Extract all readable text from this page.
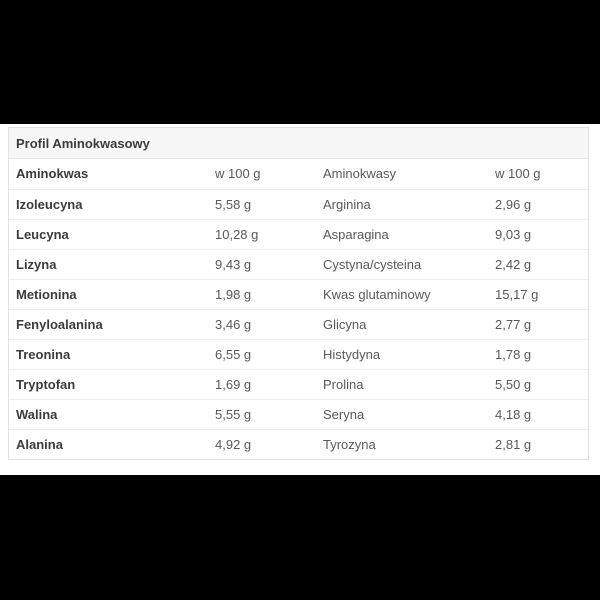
Profil Aminokwasowy
Aminokwas	w 100 g	Aminokwasy	w 100 g
Izoleucyna	5,58 g	Arginina	2,96 g
Leucyna	10,28 g	Asparagina	9,03 g
Lizyna	9,43 g	Cystyna/cysteina	2,42 g
Metionina	1,98 g	Kwas glutaminowy	15,17 g
Fenyloalanina	3,46 g	Glicyna	2,77 g
Treonina	6,55 g	Histydyna	1,78 g
Tryptofan	1,69 g	Prolina	5,50 g
Walina	5,55 g	Seryna	4,18 g
Alanina	4,92 g	Tyrozyna	2,81 g
